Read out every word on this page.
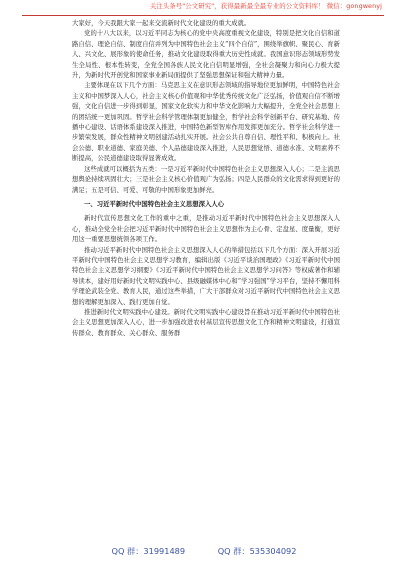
关注头条号"公文研究"，获得最新最全最专业的公文资料库！ 微信：gongwenyj

大家好，今天我跟大家一起来交流新时代文化建设的重大成就。

党的十八大以来，以习近平同志为核心的党中央高度重视文化建设，特别是把文化自信和道路自信、理论自信、制度自信并列为中国特色社会主义“四个自信”，围绕举旗帜、聚民心、育新人、兴文化、展形象的使命任务，推动文化建设取得重大历史性成就。我国意识形态领域形势发生全局性、根本性转变，全党全国各族人民文化自信明显增强，全社会凝聚力和向心力极大提升，为新时代开创党和国家事业新局面提供了坚强思想保证和强大精神力量。

主要体现在以下几个方面：马克思主义在意识形态领域的指导地位更加鲜明，中国特色社会主义和中国梦深入人心，社会主义核心价值观和中华优秀传统文化广泛弘扬，价值观自信不断增强，文化自信进一步得到彰显，国家文化软实力和中华文化影响力大幅提升，全党全社会思想上的团结统一更加巩固。哲学社会科学管理体制更加健全，哲学社会科学创新平台、研究基地、传播中心建设、话语体系建设深入推进，中国特色新型智库作用发挥更加充分。哲学社会科学进一步繁荣发展，群众性精神文明创建活动扎实开展。社会公共自尊自信、理性平和、积极向上。社会公德、职业道德、家庭美德、个人品德建设深入推进，人民思想觉悟、道德水准、文明素养不断提高，公民道德建设取得显著成效。

这些成就可以概括为五类：一是习近平新时代中国特色社会主义思想深入人心；二是主流思想舆论持续巩固壮大；三是社会主义核心价值观广为弘扬；四是人民群众的文化需求得到更好的满足；五是可信、可爱、可敬的中国形象更加鲜亮。

一、习近平新时代中国特色社会主义思想深入人心

新时代宣传思想文化工作的重中之重，是推动习近平新时代中国特色社会主义思想深入人心，推动全党全社会把习近平新时代中国特色社会主义思想作为主心骨、定盘星、度量衡，更好用这一重要思想统领各项工作。

推动习近平新时代中国特色社会主义思想深入人心的举措包括以下几个方面：深入开展习近平新时代中国特色社会主义思想学习教育，编辑出版《习近平谈治国理政》《习近平新时代中国特色社会主义思想学习纲要》《习近平新时代中国特色社会主义思想学习问答》等权威著作和辅导读本，建好用好新时代文明实践中心、县级融媒体中心和“学习强国”学习平台，坚持不懈用科学理论武装全党、教育人民，通过这些举措，广大干部群众对习近平新时代中国特色社会主义思想的理解更加深入、践行更加自觉。

推进新时代文明实践中心建设。新时代文明实践中心建设旨在推动习近平新时代中国特色社会主义思想更加深入人心，进一步加强改进农村基层宣传思想文化工作和精神文明建设，打通宣传群众、教育群众、关心群众、服务群

QQ 群：31991489	QQ 群：535304092
